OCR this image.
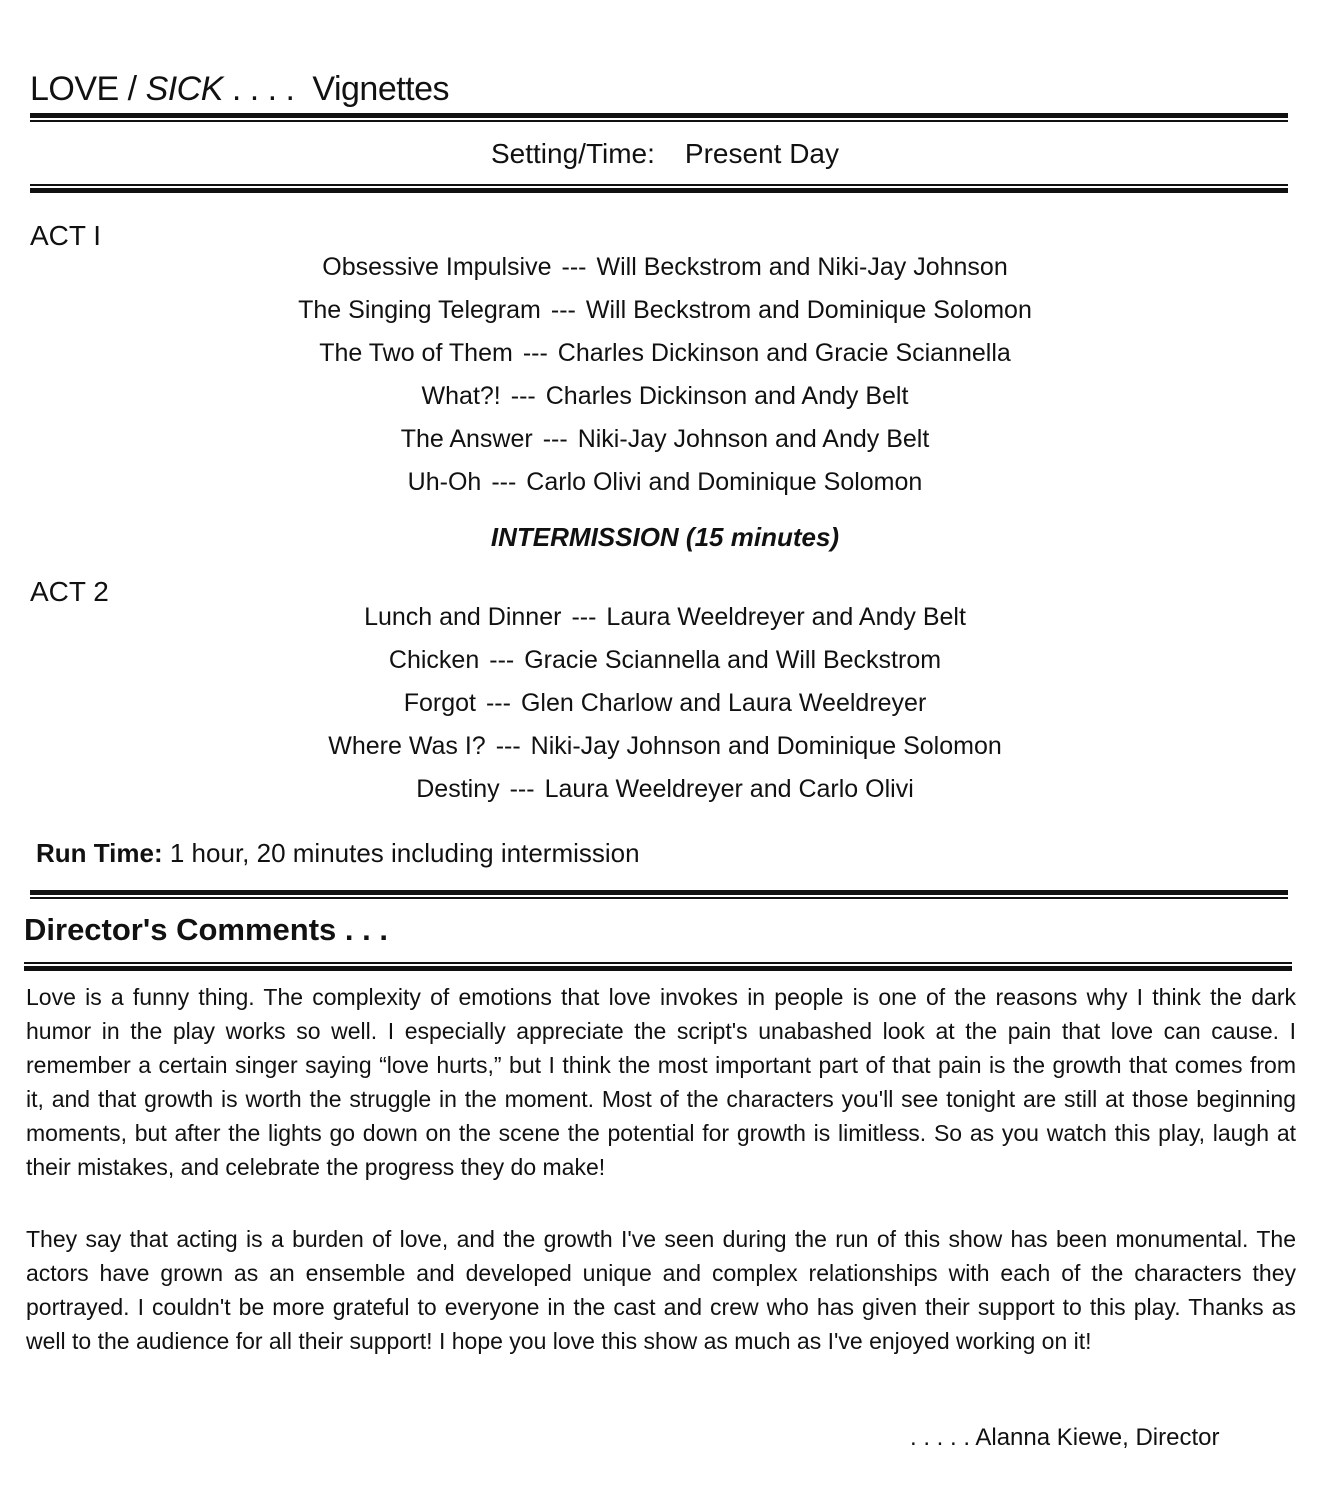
LOVE / SICK . . . .  Vignettes
Setting/Time: Present Day
ACT I
Obsessive Impulsive --- Will Beckstrom and Niki-Jay Johnson
The Singing Telegram --- Will Beckstrom and Dominique Solomon
The Two of Them --- Charles Dickinson and Gracie Sciannella
What?! --- Charles Dickinson and Andy Belt
The Answer --- Niki-Jay Johnson and Andy Belt
Uh-Oh --- Carlo Olivi and Dominique Solomon
INTERMISSION (15 minutes)
ACT 2
Lunch and Dinner --- Laura Weeldreyer and Andy Belt
Chicken --- Gracie Sciannella and Will Beckstrom
Forgot --- Glen Charlow and Laura Weeldreyer
Where Was I? --- Niki-Jay Johnson and Dominique Solomon
Destiny --- Laura Weeldreyer and Carlo Olivi
Run Time: 1 hour, 20 minutes including intermission
Director's Comments . . .

Love is a funny thing. The complexity of emotions that love invokes in people is one of the reasons why I think the dark humor in the play works so well. I especially appreciate the script's unabashed look at the pain that love can cause. I remember a certain singer saying “love hurts,” but I think the most important part of that pain is the growth that comes from it, and that growth is worth the struggle in the moment. Most of the characters you'll see tonight are still at those beginning moments, but after the lights go down on the scene the potential for growth is limitless. So as you watch this play, laugh at their mistakes, and celebrate the progress they do make!

They say that acting is a burden of love, and the growth I've seen during the run of this show has been monumental. The actors have grown as an ensemble and developed unique and complex relationships with each of the characters they portrayed. I couldn't be more grateful to everyone in the cast and crew who has given their support to this play. Thanks as well to the audience for all their support! I hope you love this show as much as I've enjoyed working on it!

. . . . . Alanna Kiewe, Director
